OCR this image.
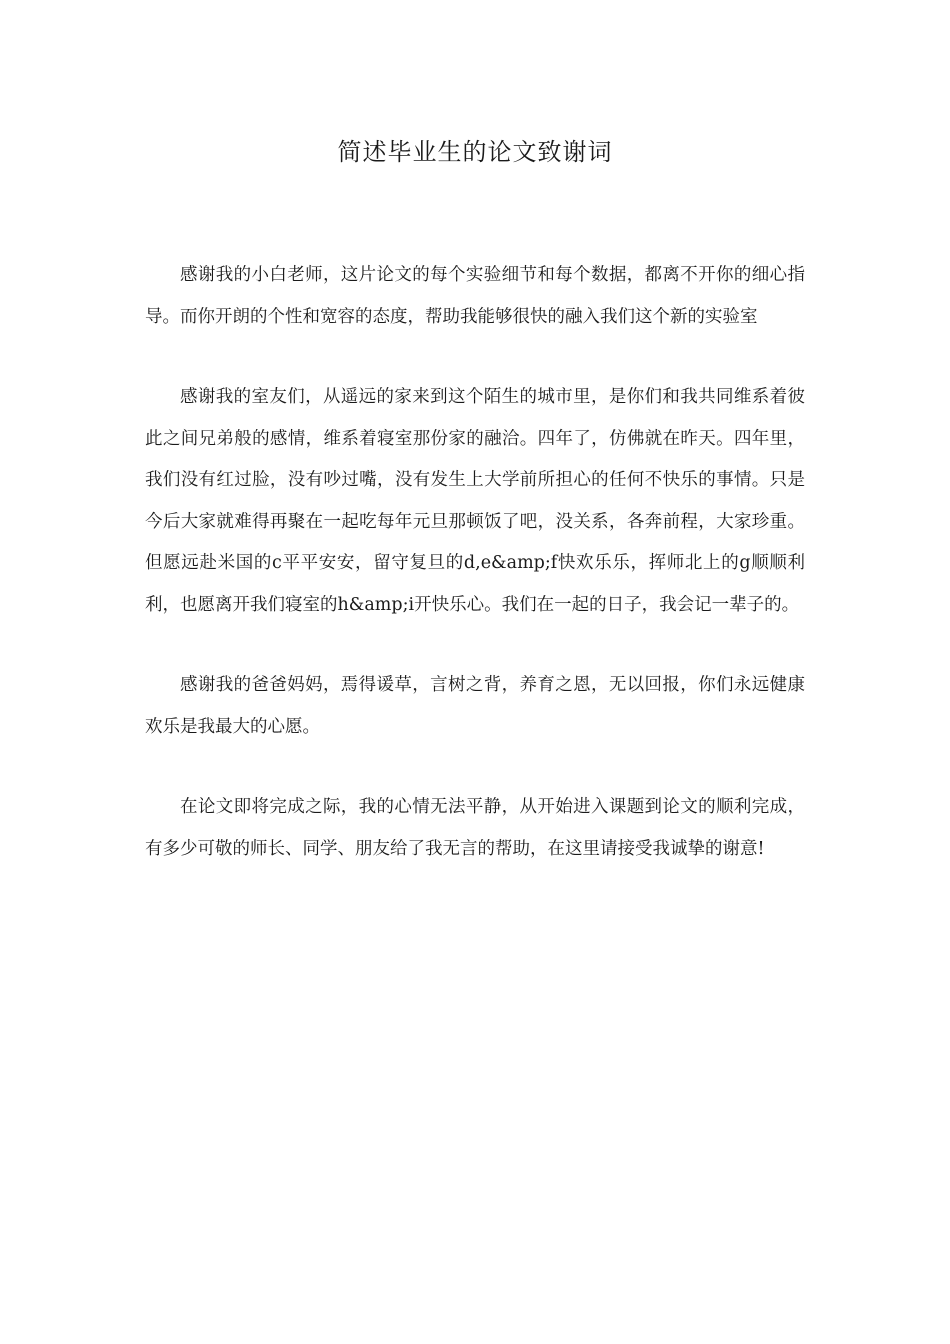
简述毕业生的论文致谢词

感谢我的小白老师，这片论文的每个实验细节和每个数据，都离不开你的细心指导。而你开朗的个性和宽容的态度，帮助我能够很快的融入我们这个新的实验室

感谢我的室友们，从遥远的家来到这个陌生的城市里，是你们和我共同维系着彼此之间兄弟般的感情，维系着寝室那份家的融洽。四年了，仿佛就在昨天。四年里，我们没有红过脸，没有吵过嘴，没有发生上大学前所担心的任何不快乐的事情。只是今后大家就难得再聚在一起吃每年元旦那顿饭了吧，没关系，各奔前程，大家珍重。但愿远赴米国的c平平安安，留守复旦的d,e&amp;f快欢乐乐，挥师北上的g顺顺利利，也愿离开我们寝室的h&amp;i开快乐心。我们在一起的日子，我会记一辈子的。

感谢我的爸爸妈妈，焉得谖草，言树之背，养育之恩，无以回报，你们永远健康欢乐是我最大的心愿。

在论文即将完成之际，我的心情无法平静，从开始进入课题到论文的顺利完成，有多少可敬的师长、同学、朋友给了我无言的帮助，在这里请接受我诚挚的谢意!
